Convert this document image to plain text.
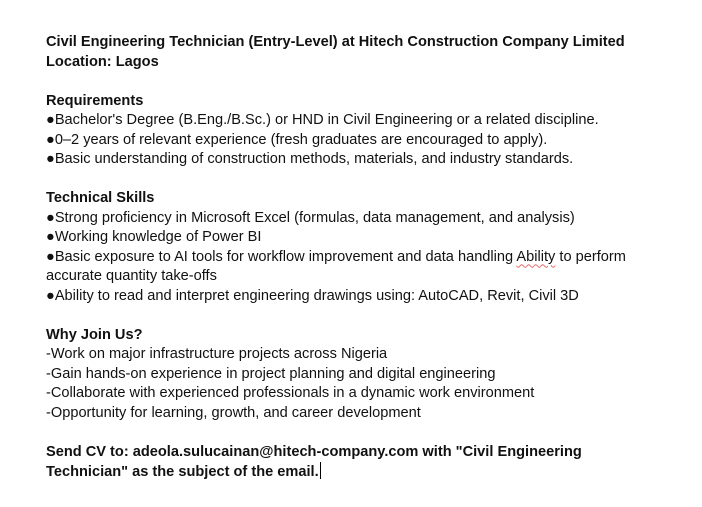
Civil Engineering Technician (Entry-Level) at Hitech Construction Company Limited
Location: Lagos
Requirements
●Bachelor's Degree (B.Eng./B.Sc.) or HND in Civil Engineering or a related discipline.
●0–2 years of relevant experience (fresh graduates are encouraged to apply).
●Basic understanding of construction methods, materials, and industry standards.
Technical Skills
●Strong proficiency in Microsoft Excel (formulas, data management, and analysis)
●Working knowledge of Power BI
●Basic exposure to AI tools for workflow improvement and data handling Ability to perform
accurate quantity take-offs
●Ability to read and interpret engineering drawings using: AutoCAD, Revit, Civil 3D
Why Join Us?
-Work on major infrastructure projects across Nigeria
-Gain hands-on experience in project planning and digital engineering
-Collaborate with experienced professionals in a dynamic work environment
-Opportunity for learning, growth, and career development
Send CV to: adeola.sulucainan@hitech-company.com with "Civil Engineering
Technician" as the subject of the email.
